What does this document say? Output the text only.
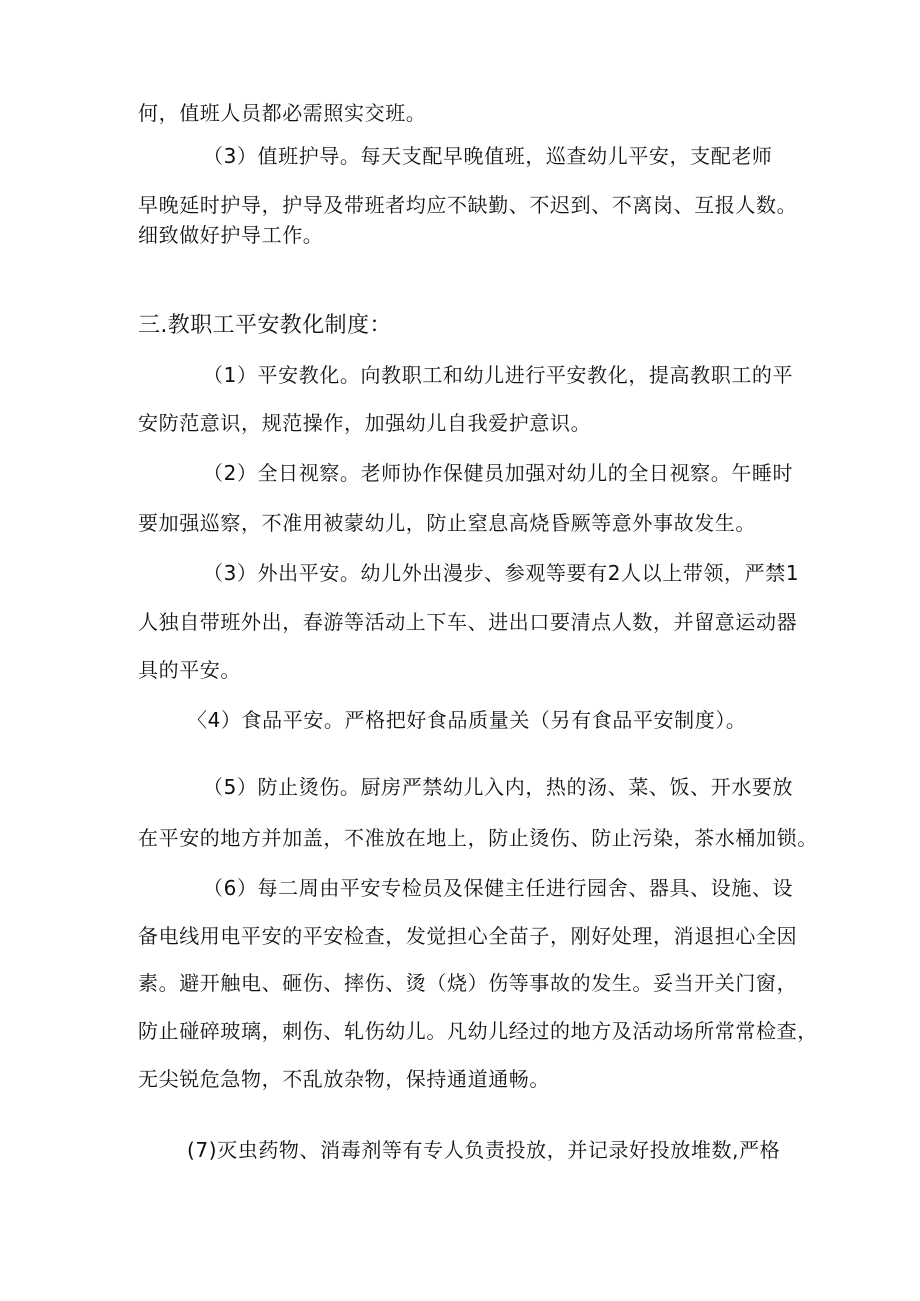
何，值班人员都必需照实交班。
（3）值班护导。每天支配早晚值班，巡查幼儿平安，支配老师
早晚延时护导，护导及带班者均应不缺勤、不迟到、不离岗、互报人数。
细致做好护导工作。
三.教职工平安教化制度：
（1）平安教化。向教职工和幼儿进行平安教化，提高教职工的平
安防范意识，规范操作，加强幼儿自我爱护意识。
（2）全日视察。老师协作保健员加强对幼儿的全日视察。午睡时
要加强巡察，不准用被蒙幼儿，防止窒息高烧昏厥等意外事故发生。
（3）外出平安。幼儿外出漫步、参观等要有2人以上带领，严禁1
人独自带班外出，春游等活动上下车、进出口要清点人数，并留意运动器
具的平安。
〈4）食品平安。严格把好食品质量关（另有食品平安制度）。
（5）防止烫伤。厨房严禁幼儿入内，热的汤、菜、饭、开水要放
在平安的地方并加盖，不准放在地上，防止烫伤、防止污染，茶水桶加锁。
（6）每二周由平安专检员及保健主任进行园舍、器具、设施、设
备电线用电平安的平安检查，发觉担心全苗子，刚好处理，消退担心全因
素。避开触电、砸伤、摔伤、烫（烧）伤等事故的发生。妥当开关门窗，
防止碰碎玻璃，刺伤、轧伤幼儿。凡幼儿经过的地方及活动场所常常检查，
无尖锐危急物，不乱放杂物，保持通道通畅。
(7)灭虫药物、消毒剂等有专人负责投放，并记录好投放堆数,严格
